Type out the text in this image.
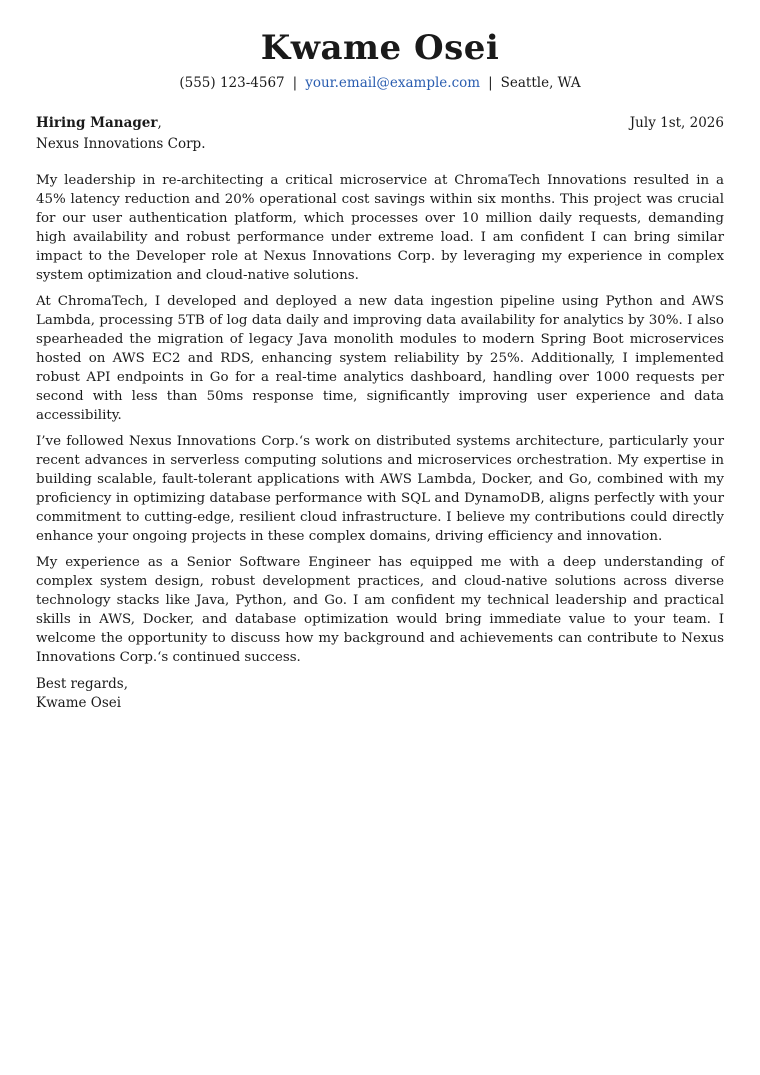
Kwame Osei
(555) 123-4567 | your.email@example.com | Seattle, WA
Hiring Manager,	July 1st, 2026
Nexus Innovations Corp.

My leadership in re-architecting a critical microservice at ChromaTech Innovations resulted in a 45% latency reduction and 20% operational cost savings within six months. This project was crucial for our user authentication platform, which processes over 10 million daily requests, demanding high availability and robust performance under extreme load. I am confident I can bring similar impact to the Developer role at Nexus Innovations Corp. by leveraging my experience in complex system optimization and cloud-native solutions.

At ChromaTech, I developed and deployed a new data ingestion pipeline using Python and AWS Lambda, processing 5TB of log data daily and improving data availability for analytics by 30%. I also spearheaded the migration of legacy Java monolith modules to modern Spring Boot microservices hosted on AWS EC2 and RDS, enhancing system reliability by 25%. Additionally, I implemented robust API endpoints in Go for a real-time analytics dashboard, handling over 1000 requests per second with less than 50ms response time, significantly improving user experience and data accessibility.

I’ve followed Nexus Innovations Corp.‘s work on distributed systems architecture, particularly your recent advances in serverless computing solutions and microservices orchestration. My expertise in building scalable, fault-tolerant applications with AWS Lambda, Docker, and Go, combined with my proficiency in optimizing database performance with SQL and DynamoDB, aligns perfectly with your commitment to cutting-edge, resilient cloud infrastructure. I believe my contributions could directly enhance your ongoing projects in these complex domains, driving efficiency and innovation.

My experience as a Senior Software Engineer has equipped me with a deep understanding of complex system design, robust development practices, and cloud-native solutions across diverse technology stacks like Java, Python, and Go. I am confident my technical leadership and practical skills in AWS, Docker, and database optimization would bring immediate value to your team. I welcome the opportunity to discuss how my background and achievements can contribute to Nexus Innovations Corp.‘s continued success.

Best regards,
Kwame Osei
